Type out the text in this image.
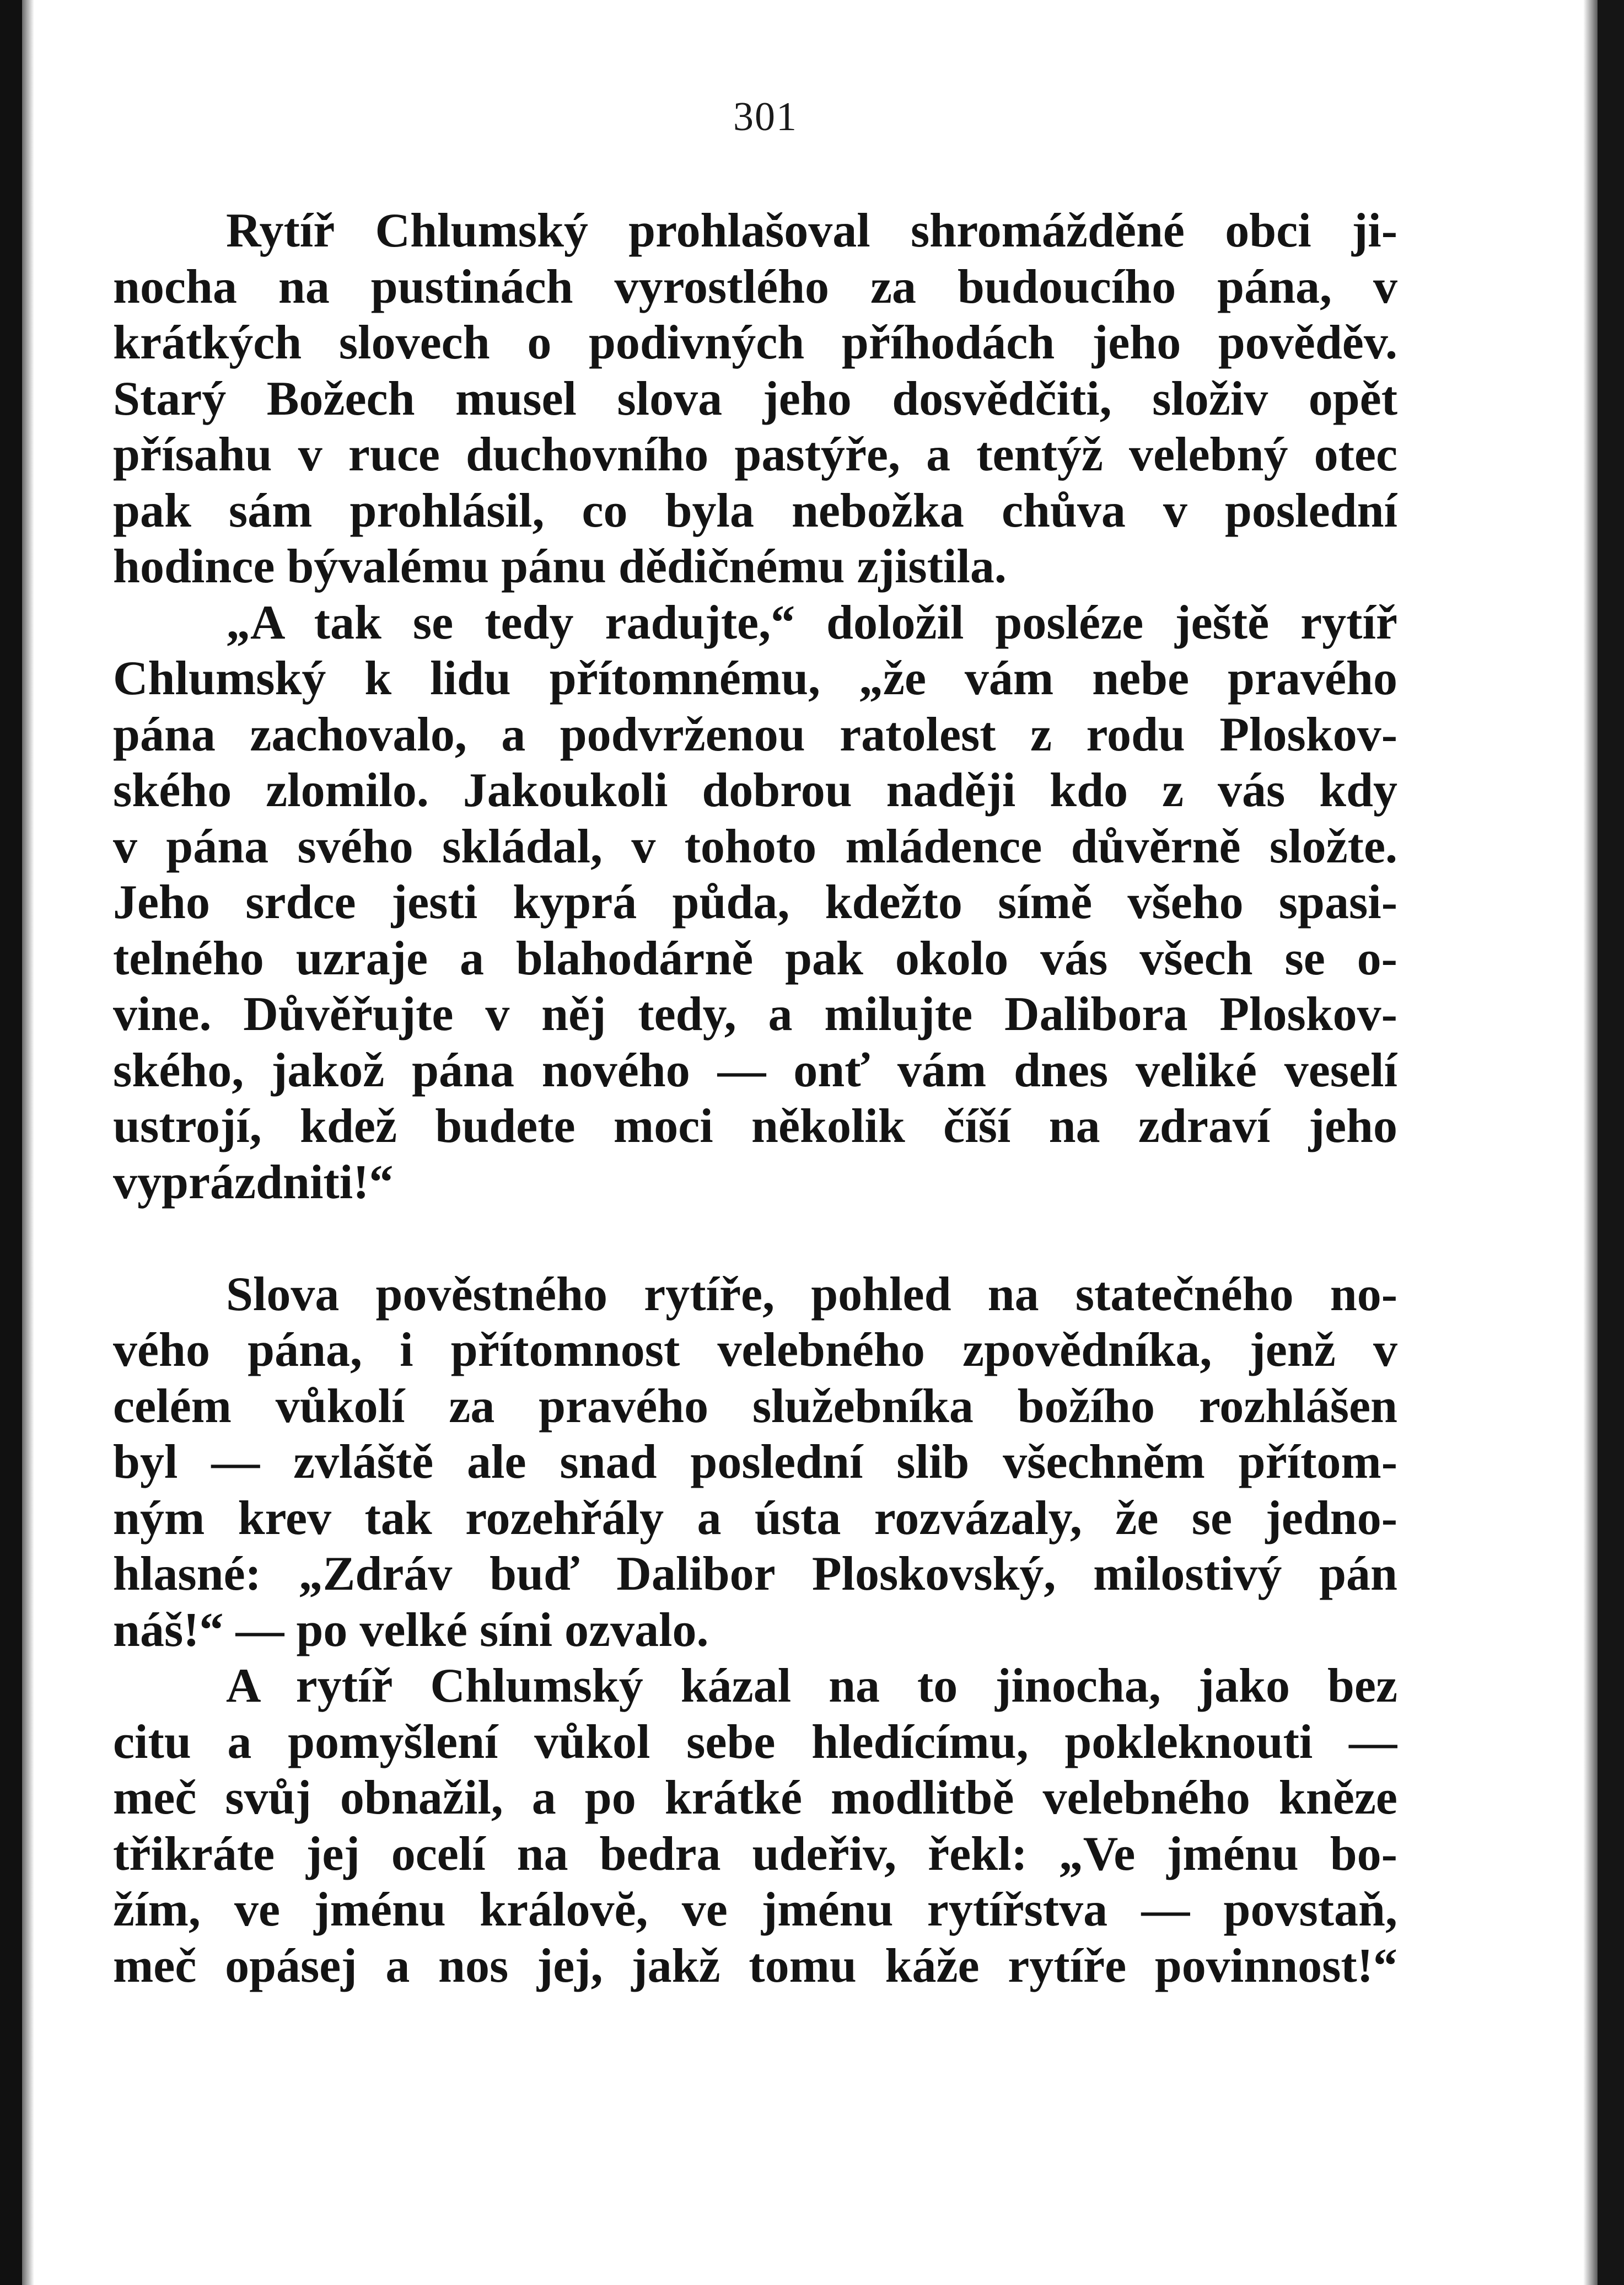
301
Rytíř Chlumský prohlašoval shromážděné obci ji-
nocha na pustinách vyrostlého za budoucího pána, v
krátkých slovech o podivných příhodách jeho pověděv.
Starý Božech musel slova jeho dosvědčiti, složiv opět
přísahu v ruce duchovního pastýře, a tentýž velebný otec
pak sám prohlásil, co byla nebožka chůva v poslední
hodince bývalému pánu dědičnému zjistila.
„A tak se tedy radujte,“ doložil posléze ještě rytíř
Chlumský k lidu přítomnému, „že vám nebe pravého
pána zachovalo, a podvrženou ratolest z rodu Ploskov-
ského zlomilo. Jakoukoli dobrou naději kdo z vás kdy
v pána svého skládal, v tohoto mládence důvěrně složte.
Jeho srdce jesti kyprá půda, kdežto símě všeho spasi-
telného uzraje a blahodárně pak okolo vás všech se o-
vine. Důvěřujte v něj tedy, a milujte Dalibora Ploskov-
ského, jakož pána nového — onť vám dnes veliké veselí
ustrojí, kdež budete moci několik číší na zdraví jeho
vyprázdniti!“
Slova pověstného rytíře, pohled na statečného no-
vého pána, i přítomnost velebného zpovědníka, jenž v
celém vůkolí za pravého služebníka božího rozhlášen
byl — zvláště ale snad poslední slib všechněm přítom-
ným krev tak rozehřály a ústa rozvázaly, že se jedno-
hlasné: „Zdráv buď Dalibor Ploskovský, milostivý pán
náš!“ — po velké síni ozvalo.
A rytíř Chlumský kázal na to jinocha, jako bez
citu a pomyšlení vůkol sebe hledícímu, pokleknouti —
meč svůj obnažil, a po krátké modlitbě velebného kněze
třikráte jej ocelí na bedra udeřiv, řekl: „Ve jménu bo-
žím, ve jménu královĕ, ve jménu rytířstva — povstaň,
meč opásej a nos jej, jakž tomu káže rytíře povinnost!“
